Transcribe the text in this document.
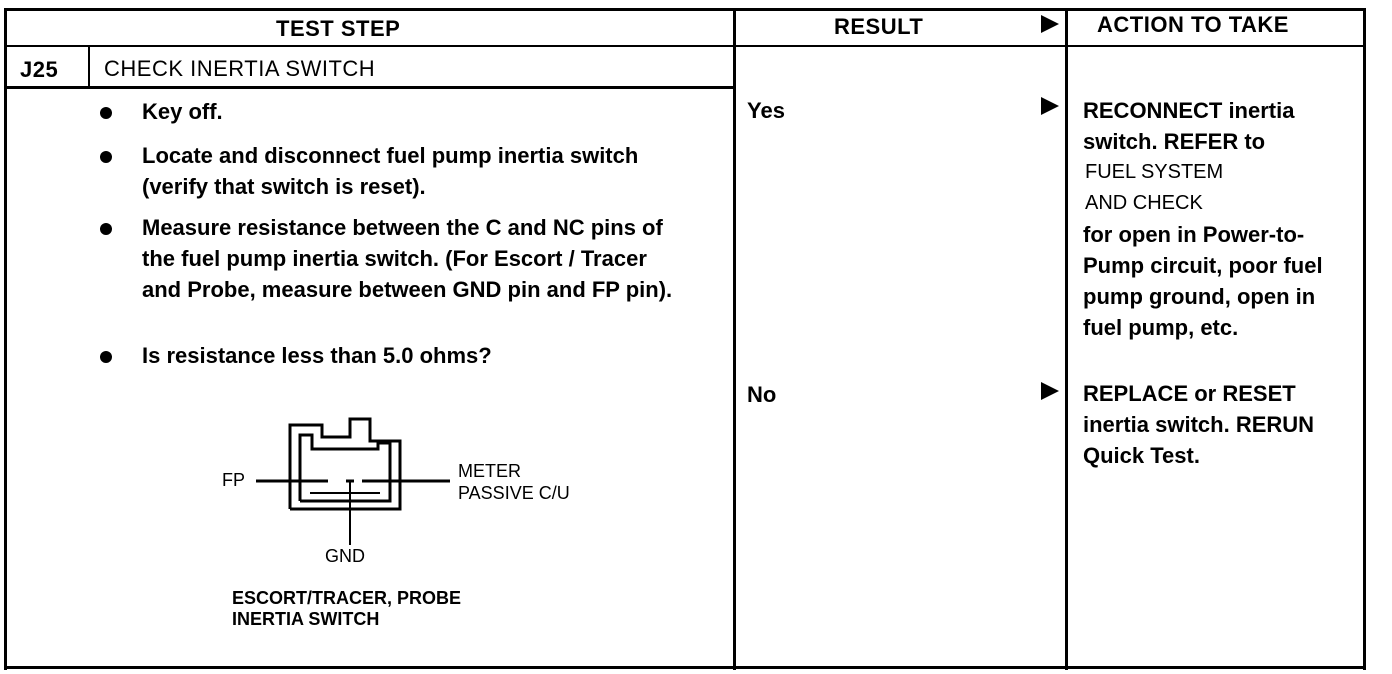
TEST STEP	RESULT	ACTION TO TAKE
J25 CHECK INERTIA SWITCH
Key off.
Locate and disconnect fuel pump inertia switch (verify that switch is reset).
Measure resistance between the C and NC pins of the fuel pump inertia switch. (For Escort / Tracer and Probe, measure between GND pin and FP pin).
Is resistance less than 5.0 ohms?
FP	METER
PASSIVE C/U
GND
ESCORT/TRACER, PROBE
INERTIA SWITCH
Yes	RECONNECT inertia switch. REFER to
FUEL SYSTEM
AND CHECK
for open in Power-to-Pump circuit, poor fuel pump ground, open in fuel pump, etc.
No	REPLACE or RESET inertia switch. RERUN Quick Test.
